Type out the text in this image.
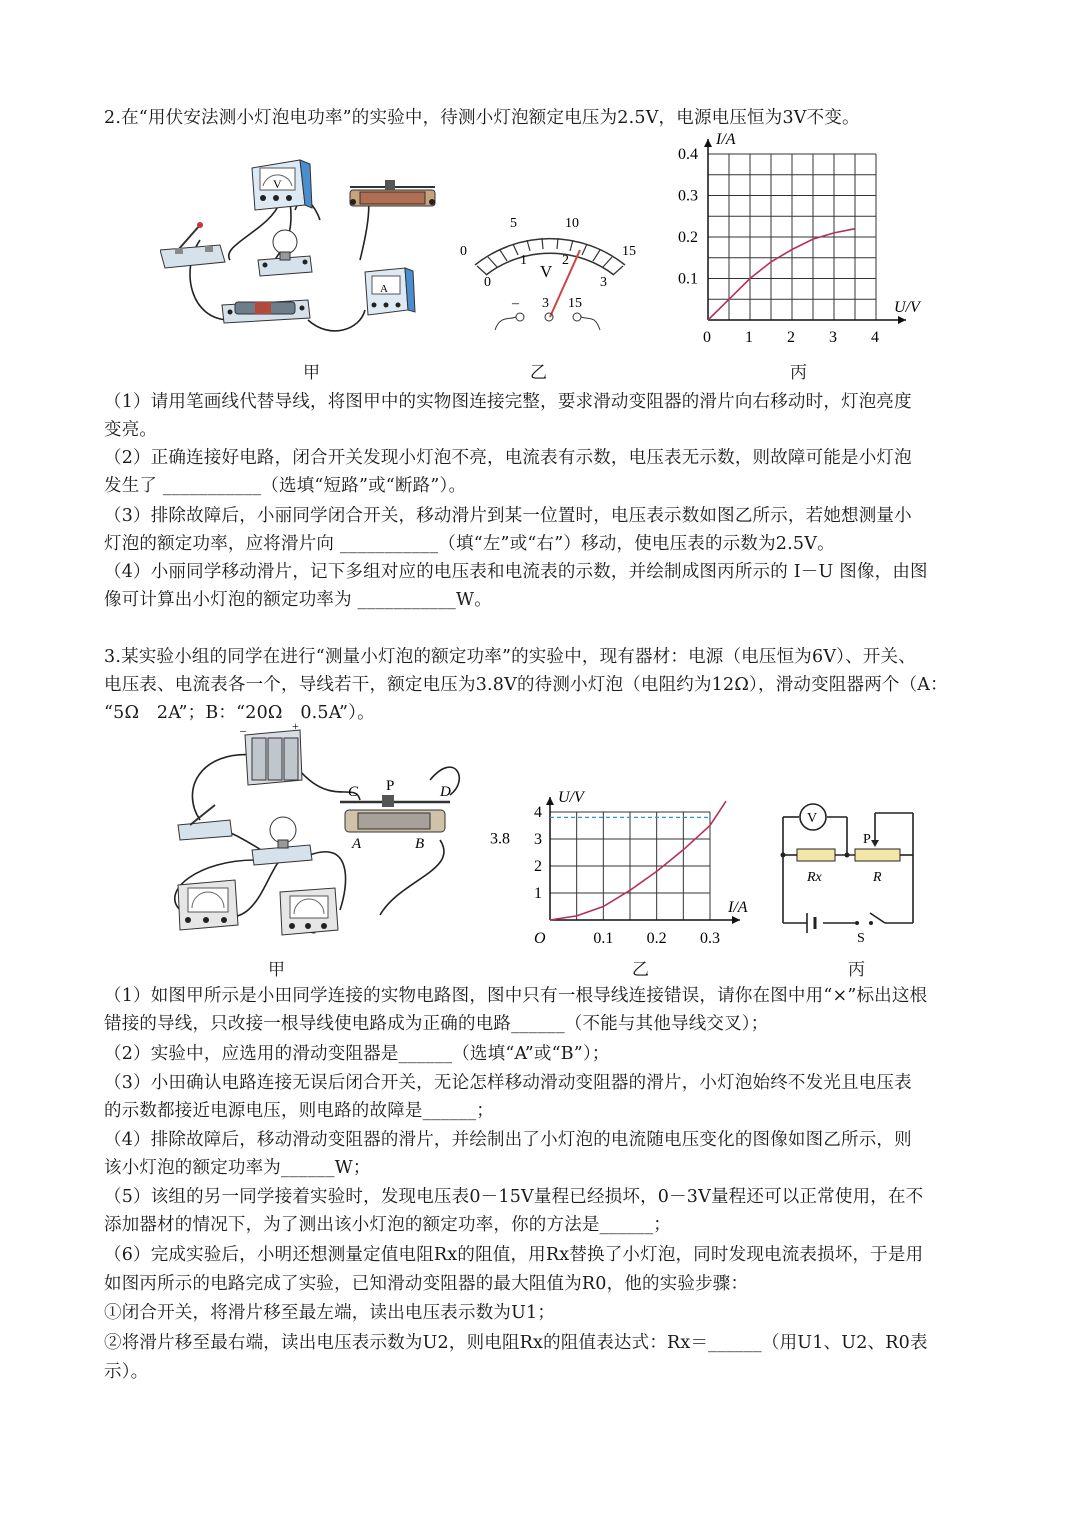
2.在“用伏安法测小灯泡电功率”的实验中，待测小灯泡额定电压为2.5V，电源电压恒为3V不变。
V
A
0
5	10
15
0
1	2
3
V
– 3 15	U/V
I/A
0 1 2 3 4
0.1
0.2
0.3
0.4
甲	乙	丙
（1）请用笔画线代替导线，将图甲中的实物图连接完整，要求滑动变阻器的滑片向右移动时，灯泡亮度
变亮。
（2）正确连接好电路，闭合开关发现小灯泡不亮，电流表有示数，电压表无示数，则故障可能是小灯泡
发生了 ___________（选填“短路”或“断路”）。
（3）排除故障后，小丽同学闭合开关，移动滑片到某一位置时，电压表示数如图乙所示，若她想测量小
灯泡的额定功率，应将滑片向 ___________（填“左”或“右”）移动，使电压表的示数为2.5V。
（4）小丽同学移动滑片，记下多组对应的电压表和电流表的示数，并绘制成图丙所示的 I－U 图像，由图
像可计算出小灯泡的额定功率为 ___________W。
3.某实验小组的同学在进行“测量小灯泡的额定功率”的实验中，现有器材：电源（电压恒为6V）、开关、
电压表、电流表各一个，导线若干，额定电压为3.8V的待测小灯泡（电阻约为12Ω），滑动变阻器两个（A：
“5Ω　2A”；B：“20Ω　0.5A”）。
–	+
C P	D
A	B
1
2
3
4
I/A
U/V
O	0.1 0.2 0.3
3.8
V
P
Rx	R
S
甲	乙	丙
（1）如图甲所示是小田同学连接的实物电路图，图中只有一根导线连接错误，请你在图中用“×”标出这根
错接的导线，只改接一根导线使电路成为正确的电路______（不能与其他导线交叉）；
（2）实验中，应选用的滑动变阻器是______（选填“A”或“B”）；
（3）小田确认电路连接无误后闭合开关，无论怎样移动滑动变阻器的滑片，小灯泡始终不发光且电压表
的示数都接近电源电压，则电路的故障是______；
（4）排除故障后，移动滑动变阻器的滑片，并绘制出了小灯泡的电流随电压变化的图像如图乙所示，则
该小灯泡的额定功率为______W；
（5）该组的另一同学接着实验时，发现电压表0－15V量程已经损坏，0－3V量程还可以正常使用，在不
添加器材的情况下，为了测出该小灯泡的额定功率，你的方法是______；
（6）完成实验后，小明还想测量定值电阻Rx的阻值，用Rx替换了小灯泡，同时发现电流表损坏，于是用
如图丙所示的电路完成了实验，已知滑动变阻器的最大阻值为R0，他的实验步骤：
①闭合开关，将滑片移至最左端，读出电压表示数为U1；
②将滑片移至最右端，读出电压表示数为U2，则电阻Rx的阻值表达式：Rx＝______（用U1、U2、R0表
示）。
